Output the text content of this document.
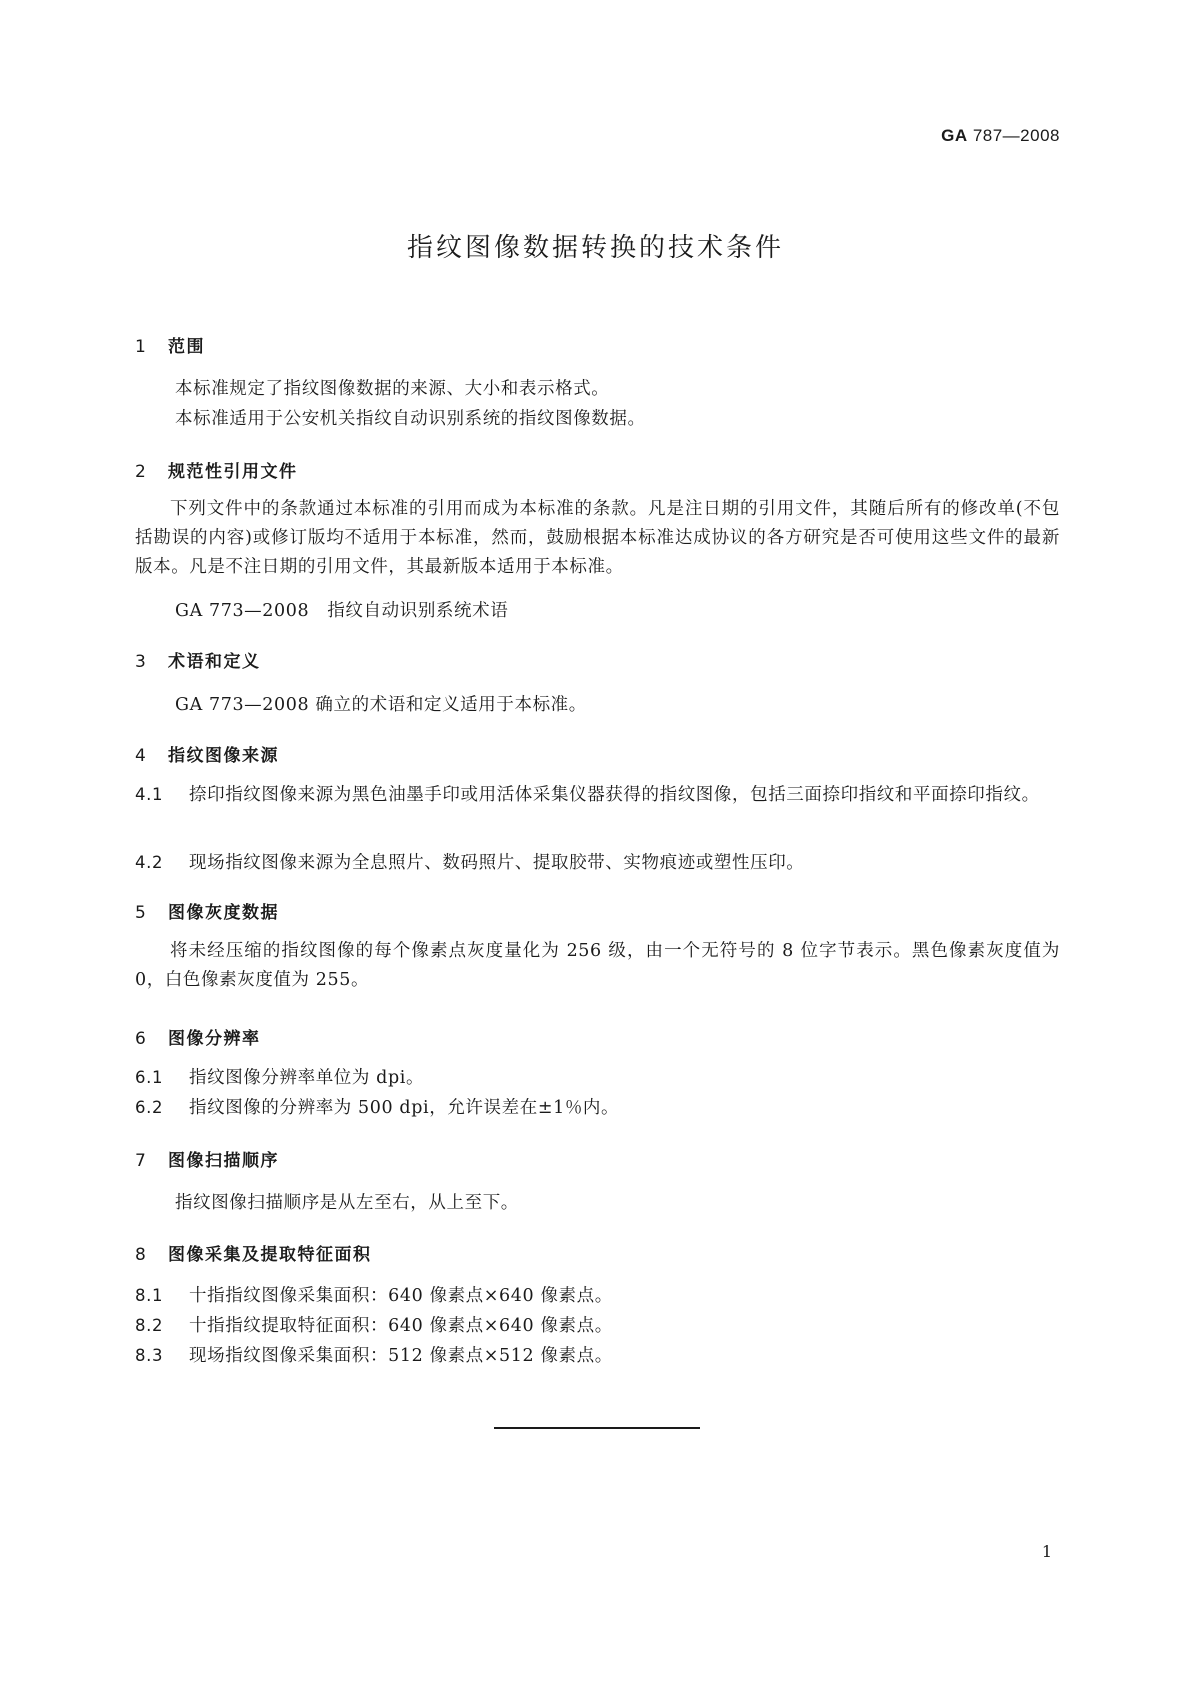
GA 787—2008
指纹图像数据转换的技术条件
1 范围
本标准规定了指纹图像数据的来源、大小和表示格式。
本标准适用于公安机关指纹自动识别系统的指纹图像数据。
2 规范性引用文件
下列文件中的条款通过本标准的引用而成为本标准的条款。凡是注日期的引用文件，其随后所有的修改单(不包括勘误的内容)或修订版均不适用于本标准，然而，鼓励根据本标准达成协议的各方研究是否可使用这些文件的最新版本。凡是不注日期的引用文件，其最新版本适用于本标准。
GA 773—2008　指纹自动识别系统术语
3 术语和定义
GA 773—2008 确立的术语和定义适用于本标准。
4 指纹图像来源
4.1 捺印指纹图像来源为黑色油墨手印或用活体采集仪器获得的指纹图像，包括三面捺印指纹和平面捺印指纹。
4.2 现场指纹图像来源为全息照片、数码照片、提取胶带、实物痕迹或塑性压印。
5 图像灰度数据
将未经压缩的指纹图像的每个像素点灰度量化为 256 级，由一个无符号的 8 位字节表示。黑色像素灰度值为 0，白色像素灰度值为 255。
6 图像分辨率
6.1 指纹图像分辨率单位为 dpi。
6.2 指纹图像的分辨率为 500 dpi，允许误差在±1％内。
7 图像扫描顺序
指纹图像扫描顺序是从左至右，从上至下。
8 图像采集及提取特征面积
8.1 十指指纹图像采集面积：640 像素点×640 像素点。
8.2 十指指纹提取特征面积：640 像素点×640 像素点。
8.3 现场指纹图像采集面积：512 像素点×512 像素点。
1
